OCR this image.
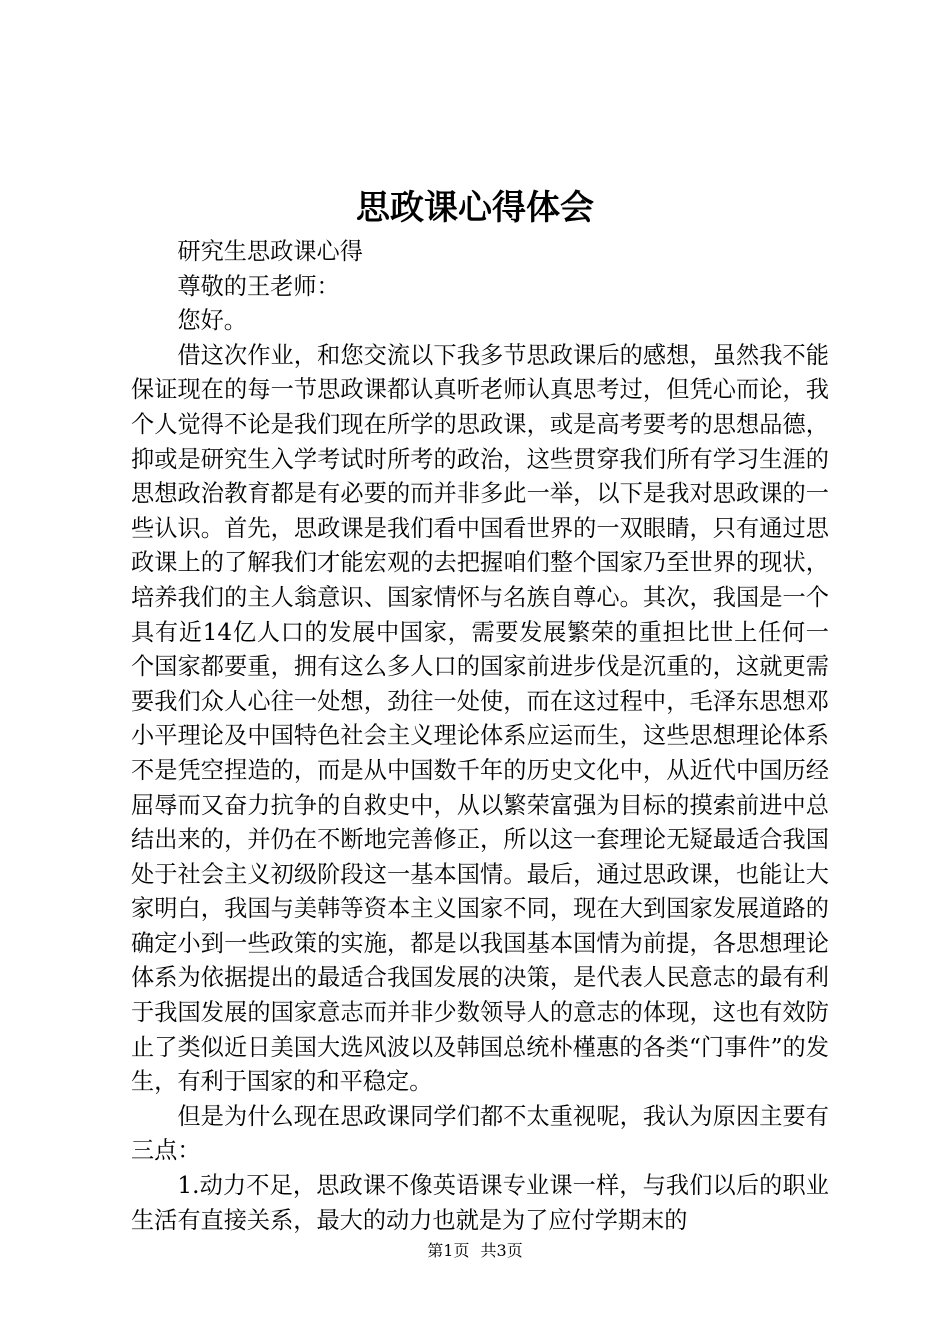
思政课心得体会

研究生思政课心得

尊敬的王老师：

您好。

借这次作业，和您交流以下我多节思政课后的感想，虽然我不能保证现在的每一节思政课都认真听老师认真思考过，但凭心而论，我个人觉得不论是我们现在所学的思政课，或是高考要考的思想品德，抑或是研究生入学考试时所考的政治，这些贯穿我们所有学习生涯的思想政治教育都是有必要的而并非多此一举，以下是我对思政课的一些认识。首先，思政课是我们看中国看世界的一双眼睛，只有通过思政课上的了解我们才能宏观的去把握咱们整个国家乃至世界的现状，培养我们的主人翁意识、国家情怀与名族自尊心。其次，我国是一个具有近14亿人口的发展中国家，需要发展繁荣的重担比世上任何一个国家都要重，拥有这么多人口的国家前进步伐是沉重的，这就更需要我们众人心往一处想，劲往一处使，而在这过程中，毛泽东思想邓小平理论及中国特色社会主义理论体系应运而生，这些思想理论体系不是凭空捏造的，而是从中国数千年的历史文化中，从近代中国历经屈辱而又奋力抗争的自救史中，从以繁荣富强为目标的摸索前进中总结出来的，并仍在不断地完善修正，所以这一套理论无疑最适合我国处于社会主义初级阶段这一基本国情。最后，通过思政课，也能让大家明白，我国与美韩等资本主义国家不同，现在大到国家发展道路的确定小到一些政策的实施，都是以我国基本国情为前提，各思想理论体系为依据提出的最适合我国发展的决策，是代表人民意志的最有利于我国发展的国家意志而并非少数领导人的意志的体现，这也有效防止了类似近日美国大选风波以及韩国总统朴槿惠的各类“门事件”的发生，有利于国家的和平稳定。

但是为什么现在思政课同学们都不太重视呢，我认为原因主要有三点：

1.动力不足，思政课不像英语课专业课一样，与我们以后的职业生活有直接关系，最大的动力也就是为了应付学期末的

第1页 共3页
